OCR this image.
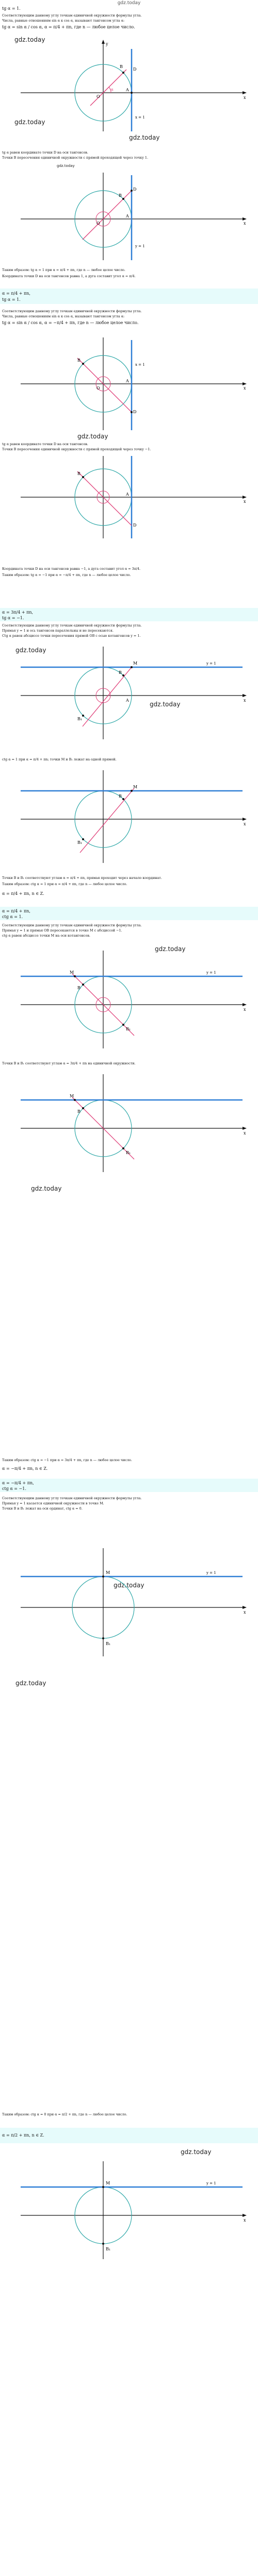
gdz.today
tg α = 1.
Соответствующим данному углу точкам единичной окружности формулы угла.
Числа, равные отношениям sin α к cos α, называют тангенсом угла α:
tg α = sin α / cos α, α = π/4 + πn, где n — любое целое число.
gdz.today
gdz.today
gdz.today
B
D
A
O
α
x
y
x = 1
tg α равен координате точки D на оси тангенсов.
Точки B пересечения единичной окружности с прямой проходящей через точку 1.
gdz.today
B
D
A
O	x
y = 1
Таким образом: tg α = 1 при α = π/4 + πn, где n — любое целое число.
Координата точки D на оси тангенсов равна 1, а дуга составит угол α = π/4.
α = π/4 + πn,
tg α = 1.
Соответствующим данному углу точкам единичной окружности формулы угла.
Числа, равные отношениям sin α к cos α, называют тангенсом угла α:
tg α = sin α / cos α, α = −π/4 + πn, где n — любое целое число.
gdz.today
B
D
A
O	x
x = 1
tg α равен координате точки D на оси тангенсов.
Точки B пересечения единичной окружности с прямой проходящей через точку −1.
B
D
A
x
Координата точки D на оси тангенсов равна −1, а дуга составит угол α = 3π/4.
Таким образом: tg α = −1 при α = −π/4 + πn, где n — любое целое число.
α = 3π/4 + πn,
tg α = −1.
Соответствующим данному углу точкам единичной окружности формулы угла.
Прямая y = 1 и ось тангенсов параллельны и не пересекаются.
Ctg α равен абсциссе точки пересечения прямой OB с осью котангенсов y = 1.
B
M
B₁
A	x
y = 1
gdz.today
gdz.today
ctg α = 1 при α = π/4 + πn; точки M и B₁ лежат на одной прямой.
B
M
B₁
x
Точки B и B₁ соответствуют углам α = π/4 + πn, прямая проходит через начало координат.
Таким образом: ctg α = 1 при α = π/4 + πn, где n — любое целое число.
α = π/4 + πn, n ∈ Z.
α = π/4 + πn,
ctg α = 1.
Соответствующим данному углу точкам единичной окружности формулы угла.
Прямая y = 1 и прямая OB пересекаются в точке M с абсциссой −1.
ctg α равен абсциссе точки M на оси котангенсов.
gdz.today
M
B
B₁
x
y = 1
Точки B и B₁ соответствуют углам α = 3π/4 + πn на единичной окружности.
M
B
B₁
x
gdz.today
Таким образом: ctg α = −1 при α = 3π/4 + πn, где n — любое целое число.
α = −π/4 + πn, n ∈ Z.
α = −π/4 + πn,
ctg α = −1.
Соответствующим данному углу точкам единичной окружности формулы угла.
Прямая y = 1 касается единичной окружности в точке M.
Точки B и B₁ лежат на оси ординат, ctg α = 0.
gdz.today
gdz.today
M
B₁
x
y = 1
Таким образом: ctg α = 0 при α = π/2 + πn, где n — любое целое число.
α = π/2 + πn, n ∈ Z.
gdz.today
M
B₁
x
y = 1
